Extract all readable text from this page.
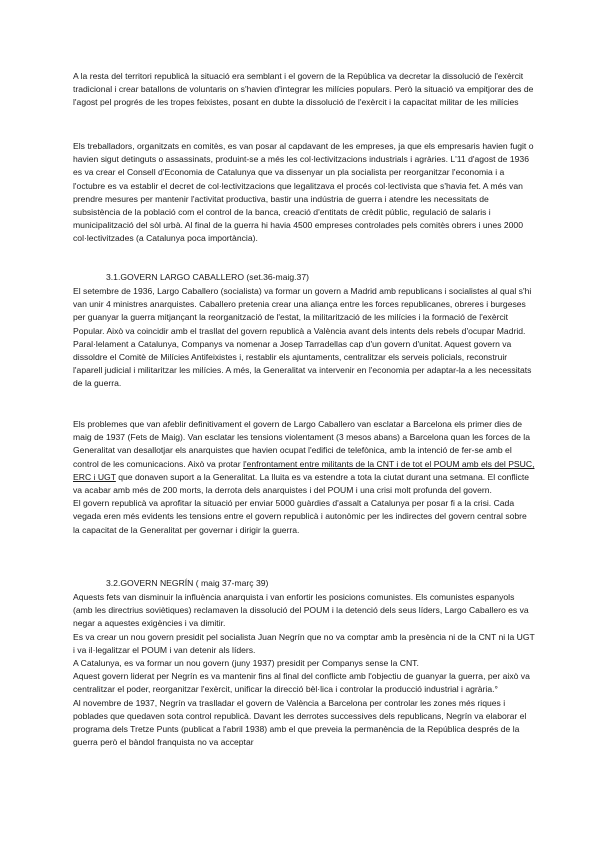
A la resta del territori republicà la situació era semblant i el govern de la República va decretar la dissolució de l'exèrcit tradicional i crear batallons de voluntaris on s'havien d'integrar les milícies populars. Però la situació va empitjorar des de l'agost pel progrés de les tropes feixistes, posant en dubte la dissolució de l'exèrcit i la capacitat militar de les milícies

Els treballadors, organitzats en comitès, es van posar al capdavant de les empreses, ja que els empresaris havien fugit o havien sigut detinguts o assassinats, produint-se a més les col·lectivitzacions industrials i agràries. L'11 d'agost de 1936 es va crear el Consell d'Economia de Catalunya que va dissenyar un pla socialista per reorganitzar l'economia i a l'octubre es va establir el decret de col·lectivitzacions que legalitzava el procés col·lectivista que s'havia fet. A més van prendre mesures per mantenir l'activitat productiva, bastir una indústria de guerra i atendre les necessitats de subsistència de la població com el control de la banca, creació d'entitats de crèdit públic, regulació de salaris i municipalització del sòl urbà. Al final de la guerra hi havia 4500 empreses controlades pels comitès obrers i unes 2000 col·lectivitzades (a Catalunya poca importància).

3.1.GOVERN LARGO CABALLERO (set.36-maig.37)

El setembre de 1936, Largo Caballero (socialista) va formar un govern a Madrid amb republicans i socialistes al qual s'hi van unir 4 ministres anarquistes. Caballero pretenia crear una aliança entre les forces republicanes, obreres i burgeses per guanyar la guerra mitjançant la reorganització de l'estat, la militarització de les milícies i la formació de l'exèrcit Popular. Això va coincidir amb el trasllat del govern republicà a València avant dels intents dels rebels d'ocupar Madrid.

Paral·lelament a Catalunya, Companys va nomenar a Josep Tarradellas cap d'un govern d'unitat. Aquest govern va dissoldre el Comitè de Milícies Antifeixistes i, restablir els ajuntaments, centralitzar els serveis policials, reconstruir l'aparell judicial i militaritzar les milícies. A més, la Generalitat va intervenir en l'economia per adaptar-la a les necessitats de la guerra.

Els problemes que van afeblir definitivament el govern de Largo Caballero van esclatar a Barcelona els primer dies de maig de 1937 (Fets de Maig). Van esclatar les tensions violentament (3 mesos abans) a Barcelona quan les forces de la Generalitat van desallotjar els anarquistes que havien ocupat l'edifici de telefònica, amb la intenció de fer-se amb el control de les comunicacions. Això va protar l'enfrontament entre militants de la CNT i de tot el POUM amb els del PSUC, ERC i UGT que donaven suport a la Generalitat. La lluita es va estendre a tota la ciutat durant una setmana. El conflicte va acabar amb més de 200 morts, la derrota dels anarquistes i del POUM i una crisi molt profunda del govern.

El govern republicà va aprofitar la situació per enviar 5000 guàrdies d'assalt a Catalunya per posar fi a la crisi. Cada vegada eren més evidents les tensions entre el govern republicà i autonòmic per les indirectes del govern central sobre la capacitat de la Generalitat per governar i dirigir la guerra.

3.2.GOVERN NEGRÍN ( maig 37-març 39)

Aquests fets van disminuir la influència anarquista i van enfortir les posicions comunistes. Els comunistes espanyols (amb les directrius soviètiques) reclamaven la dissolució del POUM i la detenció dels seus líders, Largo Caballero es va negar a aquestes exigències i va dimitir.

Es va crear un nou govern presidit pel socialista Juan Negrín que no va comptar amb la presència ni de la CNT ni la UGT i va il·legalitzar el POUM i van detenir als líders.

A Catalunya, es va formar un nou govern (juny 1937) presidit per Companys sense la CNT.

Aquest govern liderat per Negrín es va mantenir fins al final del conflicte amb l'objectiu de guanyar la guerra, per això va centralitzar el poder, reorganitzar l'exèrcit, unificar la direcció bèl·lica i controlar la producció industrial i agrària.°

Al novembre de 1937, Negrín va traslladar el govern de València a Barcelona per controlar les zones més riques i poblades que quedaven sota control republicà. Davant les derrotes successives dels republicans, Negrín va elaborar el programa dels Tretze Punts (publicat a l'abril 1938) amb el que preveia la permanència de la República després de la guerra però el bàndol franquista no va acceptar
